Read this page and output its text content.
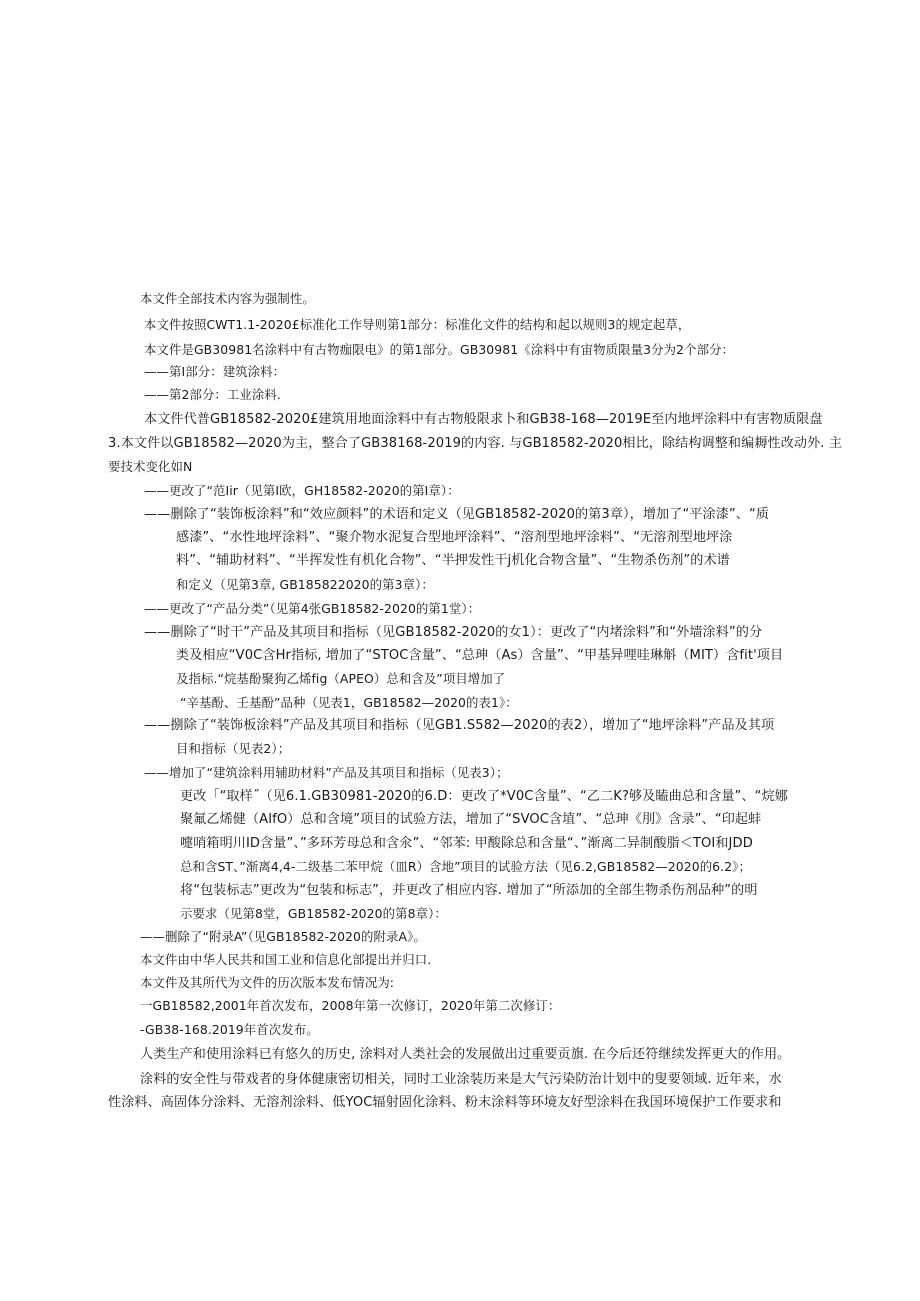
本文件全部技术内容为强制性。
本文件按照CWT1.1-2020£标准化工作导则第1部分：标准化文件的结构和起以规则3的规定起草，
本文件是GB30981名涂料中有古物痂限电》的第1部分。GB30981《涂料中有宙物质限量3分为2个部分：
——第I部分：建筑涂料：
——第2部分：工业涂料.
本文件代普GB18582-2020£建筑用地面涂料中有古物般限求卜和GB38-168—2019E至内地坪涂料中有害物质限盘
3.本文件以GB18582—2020为主，整合了GB38168-2019的内容. 与GB18582-2020相比，除结构调整和编耨性改动外. 主
要技术变化如N
——更改了“范Iir（见第I欧，GH18582-2020的第I章）：
——删除了“装饰板涂料”和“效应颜料”的术语和定义（见GB18582-2020的第3章），增加了“平涂漆”、“质
感漆”、“水性地坪涂料”、“聚介物水泥复合型地坪涂料”、“溶剂型地坪涂料”、“无溶剂型地坪涂
料”、“辅助材料”、“半挥发性有机化合物”、“半押发性干j机化合物含量”、“生物杀伤剂”的术谱
和定义（见第3章, GB185822020的第3章）：
——更改了“产品分类”（见第4张GB18582-2020的第1堂）：
——删除了“时干”产品及其项目和指标（见GB18582-2020的女1）：更改了“内堵涂料”和“外墙涂料”的分
类及相应“V0C含Hr指标, 增加了“STOC含量”、“总珅（As）含量”、“甲基异哩哇琳斛（MIT）含fit'项目
及指标.“烷基酚聚狗乙烯fig（APEO）总和含及”项目增加了
“辛基酚、壬基酚”品种（见表1，GB18582—2020的表1》：
——捌除了“装饰板涂料”产品及其项目和指标（见GB1.S582—2020的表2），增加了“地坪涂料”产品及其项
目和指标（见表2）；
——增加了“建筑涂料用辅助材料”产品及其项目和指标（见表3）；
更改「“取样˝（见6.1.GB30981-2020的6.D：更改了*V0C含量”、“乙二K?够及瞌曲总和含量”、“烷娜
聚氟乙烯健（AIfO）总和含境”项目的试验方法，增加了“SVOC含埴”、“总珅《刖》含录”、“印起蚌
嚏哨箱明川ID含量”、”多环芳母总和含氽”、“邻苯: 甲酸除总和含量“、”渐离二异制酸脂＜TOI和JDD
总和含ST、”渐离4,4-二级基二苯甲烷（皿R）含地”项目的试验方法（见6.2,GB18582—2020的6.2》；
将“包装标志”更改为“包装和标志”，并更改了相应内容. 增加了“所添加的全部生物杀伤剂品种”的明
示要求（见第8堂，GB18582-2020的第8章）：
——删除了“附录A”（见GB18582-2020的附录A》。
本文件由中华人民共和国工业和信息化部提出并归口.
本文件及其所代为文件的历次版本发布情况为:
一GB18582,2001年首次发布，2008年第一次修订，2020年第二次修订：
-GB38-168.2019年首次发布。
人类生产和使用涂料已有悠久的历史, 涂料对人类社会的发展做出过重要贡旗. 在今后还符继续发挥更大的作用。
涂料的安全性与带戏者的身体健康密切相关，同时工业涂装历来是大气污染防治计划中的叟要领域. 近年来，水
性涂料、高固体分涂料、无溶剂涂料、低YOC辐射固化涂料、粉末涂料等环境友好型涂料在我国环境保护工作要求和
